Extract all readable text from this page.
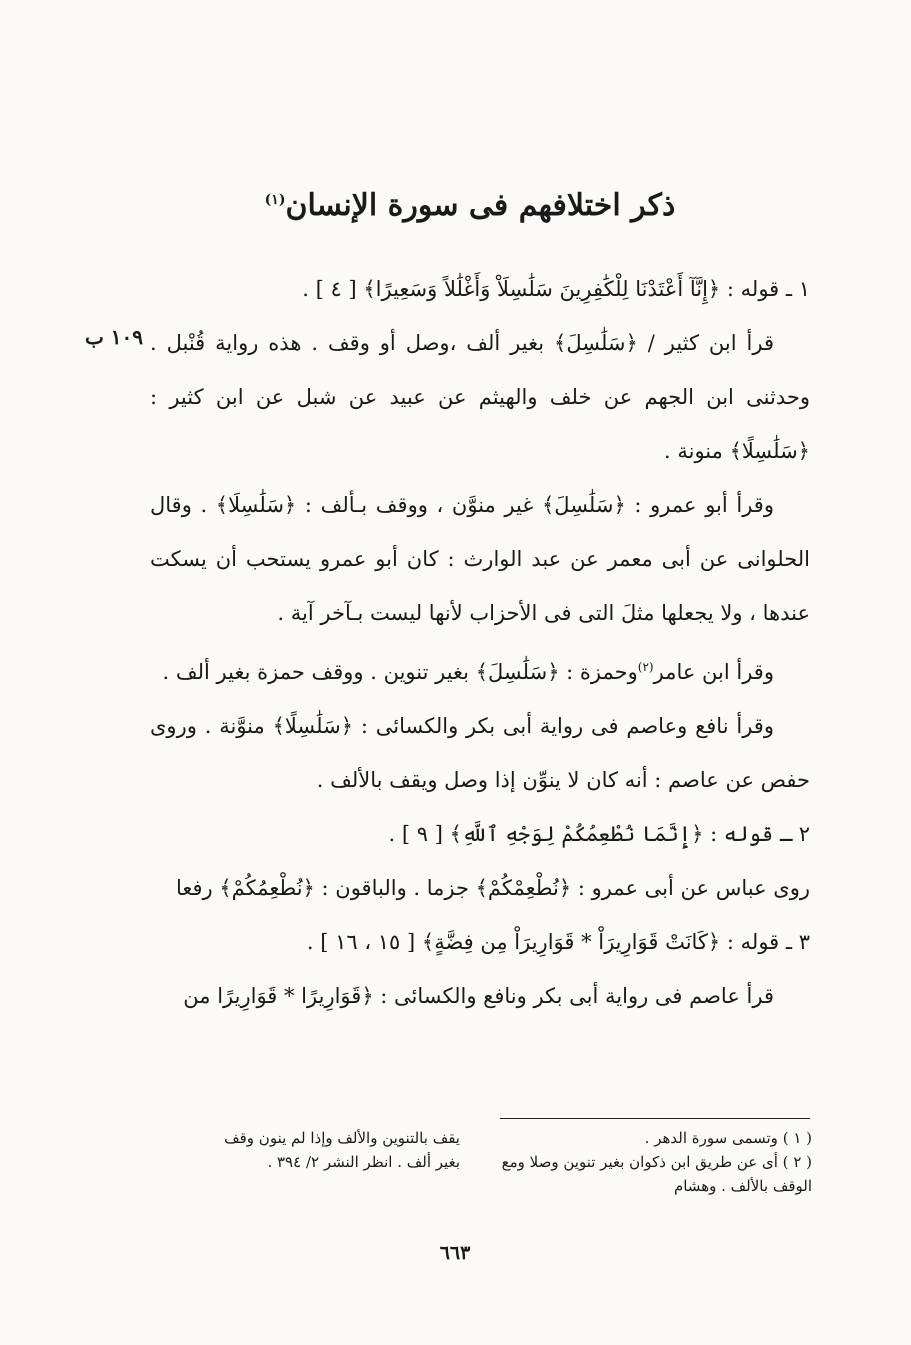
ذكر اختلافهم فى سورة الإنسان$^{(١)}$
١٠٩ ب

١ ـ قوله : ﴿إِنَّآ أَعْتَدْنَا لِلْكَٰفِرِينَ سَلَٰسِلَاْ وَأَغْلَٰلاً وَسَعِيرًا﴾ [ ٤ ] .

قرأ ابن كثير / ﴿سَلَٰسِلَ﴾ بغير ألف ،وصل أو وقف . هذه رواية قُنْبل . وحدثنى ابن الجهم عن خلف والهيثم عن عبيد عن شبل عن ابن كثير : ﴿سَلَٰسِلًا﴾ منونة .

وقرأ أبو عمرو : ﴿سَلَٰسِلَ﴾ غير منوَّن ، ووقف بـألف : ﴿سَلَٰسِلَا﴾ . وقال الحلوانى عن أبى معمر عن عبد الوارث : كان أبو عمرو يستحب أن يسكت عندها ، ولا يجعلها مثلَ التى فى الأحزاب لأنها ليست بـآخر آية .

وقرأ ابن عامر$^{(٢)}$وحمزة : ﴿سَلَٰسِلَ﴾ بغير تنوين . ووقف حمزة بغير ألف .

وقرأ نافع وعاصم فى رواية أبى بكر والكسائى : ﴿سَلَٰسِلًا﴾ منوَّنة . وروى حفص عن عاصم : أنه كان لا ينوِّن إذا وصل ويقف بالألف .

٢ ـ قوله : ﴿إِنَّمَا نُطْعِمُكُمْ لِوَجْهِ ٱللَّهِ﴾ [ ٩ ] .

روى عباس عن أبى عمرو : ﴿نُطْعِمْكُمْ﴾ جزما . والباقون : ﴿نُطْعِمُكُمْ﴾ رفعا

٣ ـ قوله : ﴿كَانَتْ قَوَارِيرَاْ * قَوَارِيرَاْ مِن فِضَّةٍ﴾ [ ١٥ ، ١٦ ] .

قرأ عاصم فى رواية أبى بكر ونافع والكسائى : ﴿قَوَارِيرًا * قَوَارِيرًا من

( ١ ) وتسمى سورة الدهر .
( ٢ ) أى عن طريق ابن ذكوان بغير تنوين وصلا ومع الوقف بالألف . وهشام
يقف بالتنوين والألف وإذا لم ينون وقف
بغير ألف . انظر النشر ٢/ ٣٩٤ .
٦٦٣
